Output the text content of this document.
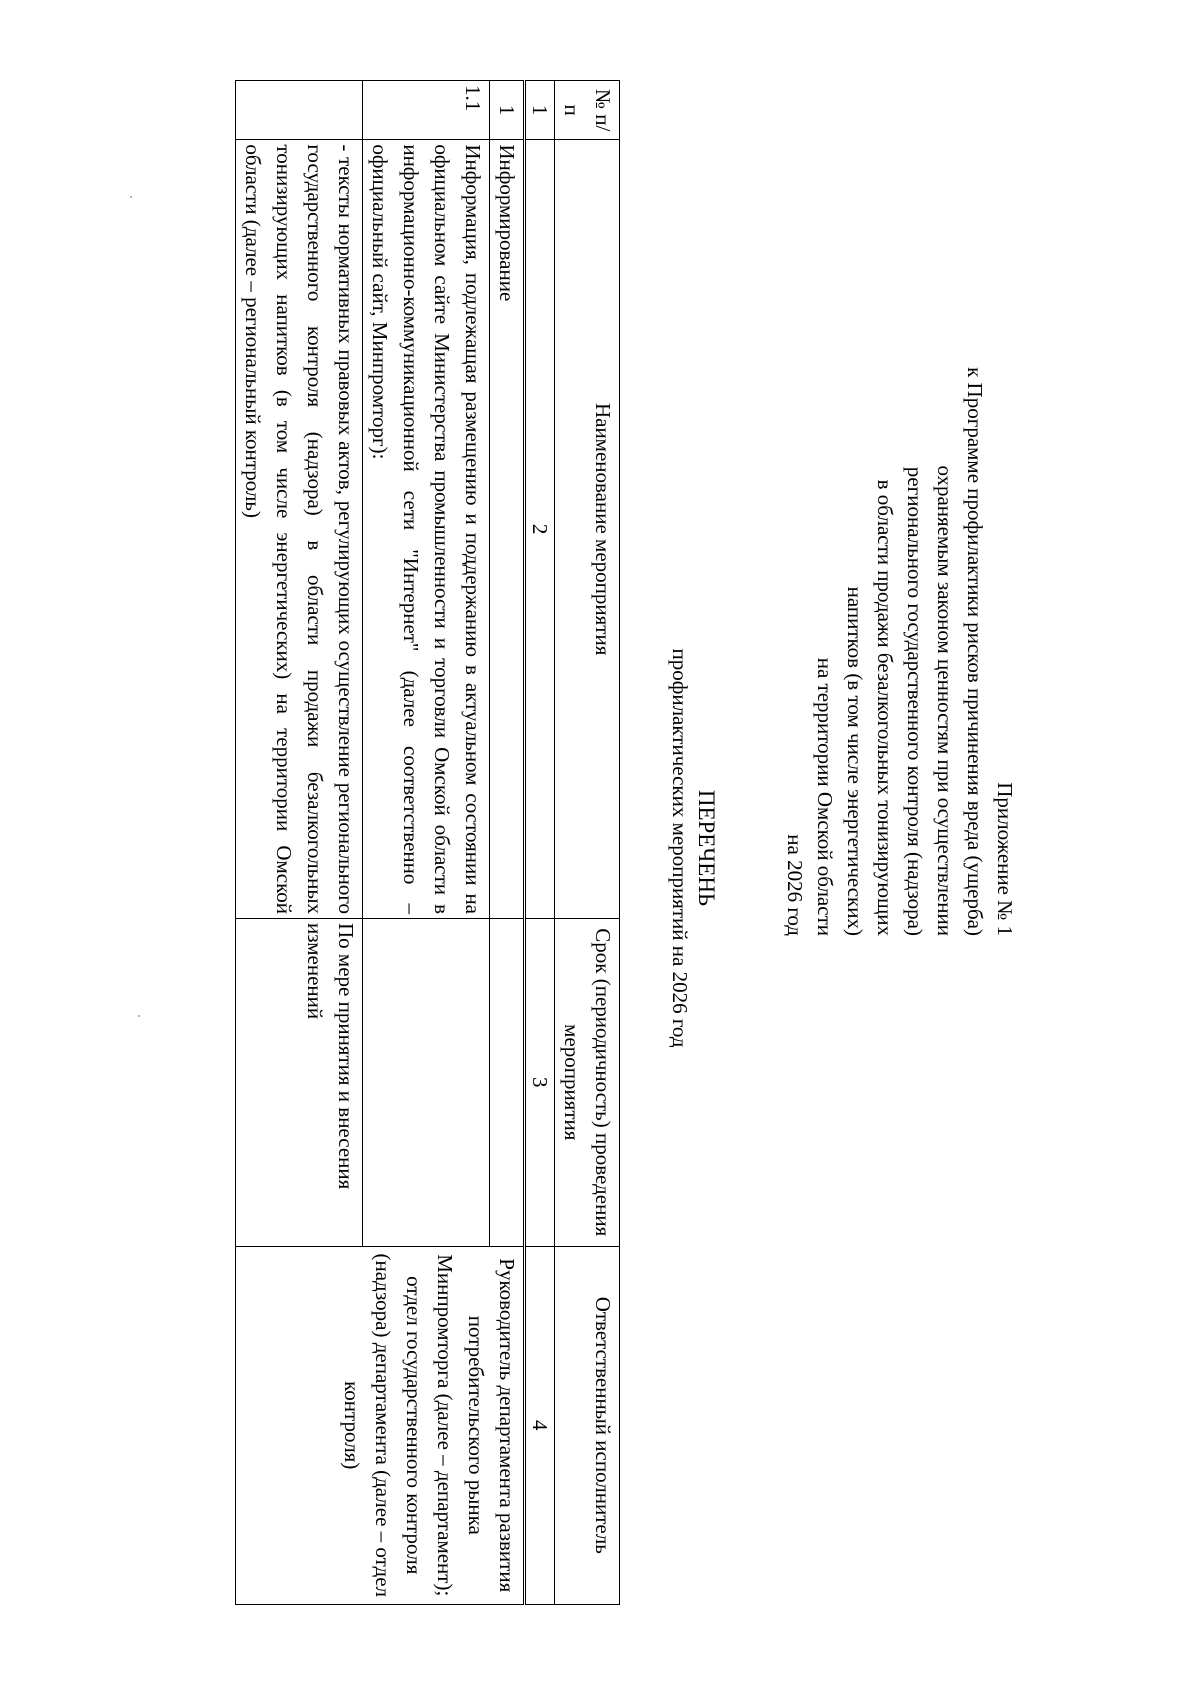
Приложение № 1
к Программе профилактики рисков причинения вреда (ущерба)
охраняемым законом ценностям при осуществлении
регионального государственного контроля (надзора)
в области продажи безалкогольных тонизирующих
напитков (в том числе энергетических)
на территории Омской области
на 2026 год
ПЕРЕЧЕНЬ
профилактических мероприятий на 2026 год
№ п/п	Наименование мероприятия	Срок (периодичность) проведения мероприятия	Ответственный исполнитель
1	2	3	4
1	Информирование		Руководитель департамента развития потребительского рынка Минпромторга (далее – департамент); отдел государственного контроля (надзора) департамента (далее – отдел контроля)
1.1	Информация, подлежащая размещению и поддержанию в актуальном состоянии на официальном сайте Министерства промышленности и торговли Омской области в информационно-коммуникационной сети "Интернет" (далее соответственно – официальный сайт, Минпромторг):		
	- тексты нормативных правовых актов, регулирующих осуществление регионального государственного контроля (надзора) в области продажи безалкогольных тонизирующих напитков (в том числе энергетических) на территории Омской области (далее – региональный контроль)	По мере принятия и внесения изменений	
